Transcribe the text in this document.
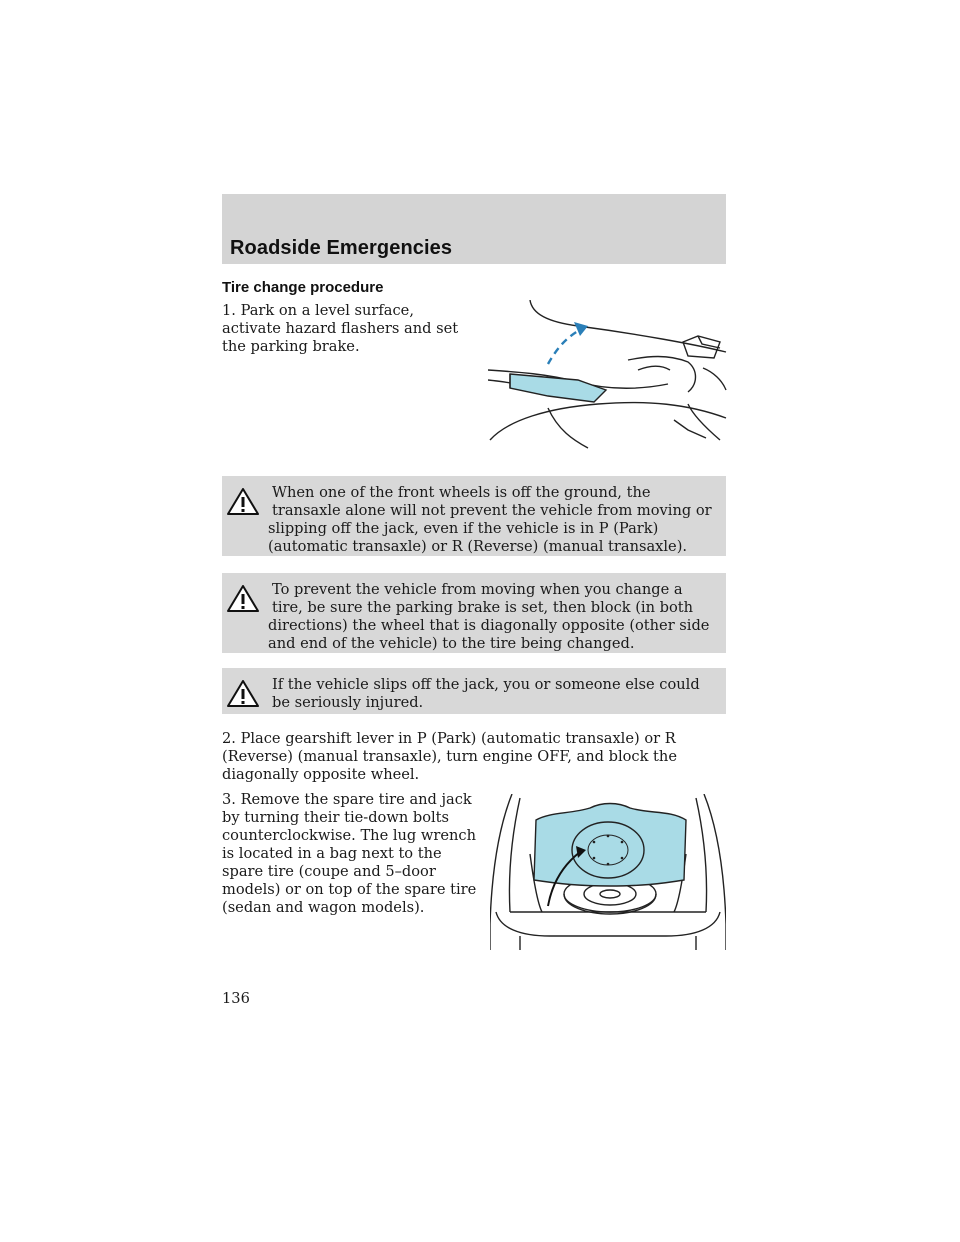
Roadside Emergencies
Tire change procedure

1. Park on a level surface, activate hazard flashers and set the parking brake.

When one of the front wheels is off the ground, the transaxle alone will not prevent the vehicle from moving or slipping off the jack, even if the vehicle is in P (Park) (automatic transaxle) or R (Reverse) (manual transaxle).
To prevent the vehicle from moving when you change a tire, be sure the parking brake is set, then block (in both directions) the wheel that is diagonally opposite (other side and end of the vehicle) to the tire being changed.
If the vehicle slips off the jack, you or someone else could be seriously injured.

2. Place gearshift lever in P (Park) (automatic transaxle) or R (Reverse) (manual transaxle), turn engine OFF, and block the diagonally opposite wheel.

3. Remove the spare tire and jack by turning their tie-down bolts counterclockwise. The lug wrench is located in a bag next to the spare tire (coupe and 5–door models) or on top of the spare tire (sedan and wagon models).

136
